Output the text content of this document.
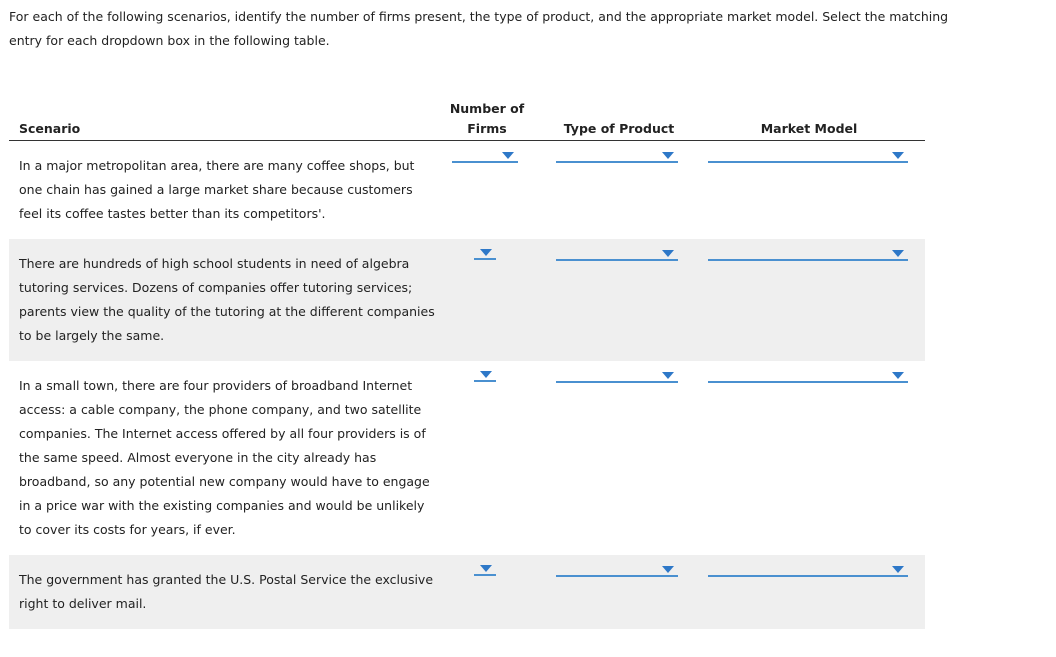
For each of the following scenarios, identify the number of firms present, the type of product, and the appropriate market model. Select the matching
entry for each dropdown box in the following table.

Scenario
Number of
Firms	Type of Product	Market Model
In a major metropolitan area, there are many coffee shops, but
one chain has gained a large market share because customers
feel its coffee tastes better than its competitors'.
There are hundreds of high school students in need of algebra
tutoring services. Dozens of companies offer tutoring services;
parents view the quality of the tutoring at the different companies
to be largely the same.
In a small town, there are four providers of broadband Internet
access: a cable company, the phone company, and two satellite
companies. The Internet access offered by all four providers is of
the same speed. Almost everyone in the city already has
broadband, so any potential new company would have to engage
in a price war with the existing companies and would be unlikely
to cover its costs for years, if ever.
The government has granted the U.S. Postal Service the exclusive
right to deliver mail.
